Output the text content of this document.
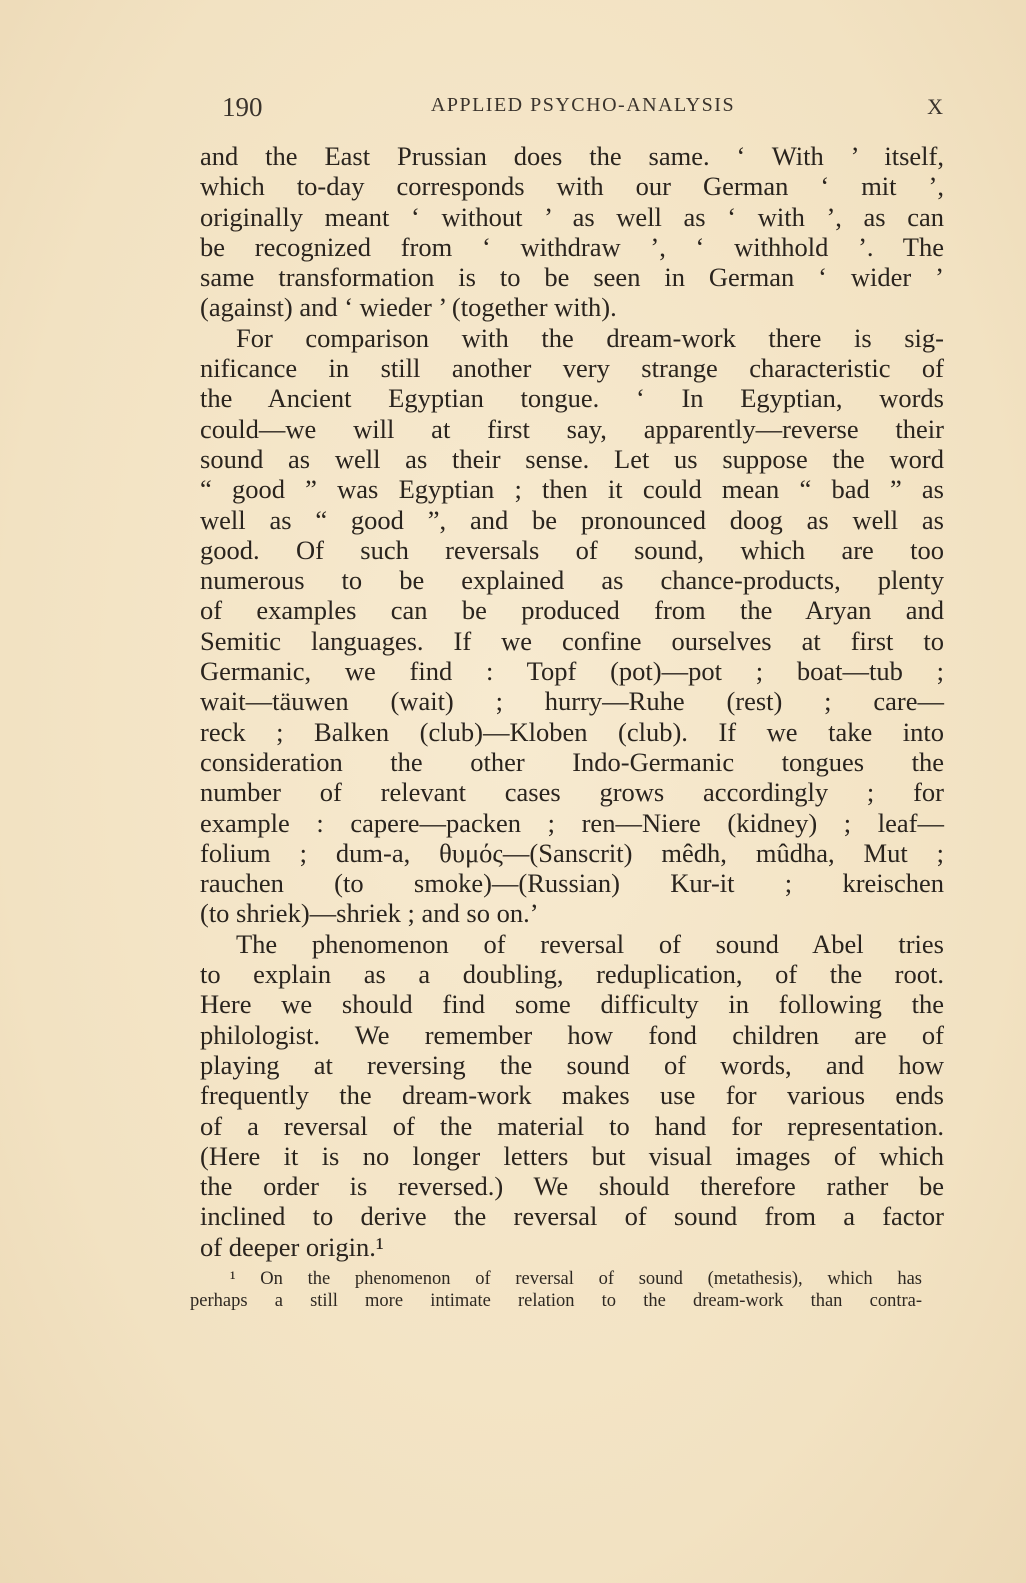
190	APPLIED PSYCHO-ANALYSIS	X
and the East Prussian does the same. ‘ With ’ itself,
which to-day corresponds with our German ‘ mit ’,
originally meant ‘ without ’ as well as ‘ with ’, as can
be recognized from ‘ withdraw ’, ‘ withhold ’. The
same transformation is to be seen in German ‘ wider ’
(against) and ‘ wieder ’ (together with).
For comparison with the dream-work there is sig-
nificance in still another very strange characteristic of
the Ancient Egyptian tongue. ‘ In Egyptian, words
could—we will at first say, apparently—reverse their
sound as well as their sense. Let us suppose the word
“ good ” was Egyptian ; then it could mean “ bad ” as
well as “ good ”, and be pronounced doog as well as
good. Of such reversals of sound, which are too
numerous to be explained as chance-products, plenty
of examples can be produced from the Aryan and
Semitic languages. If we confine ourselves at first to
Germanic, we find : Topf (pot)—pot ; boat—tub ;
wait—täuwen (wait) ; hurry—Ruhe (rest) ; care—
reck ; Balken (club)—Kloben (club). If we take into
consideration the other Indo-Germanic tongues the
number of relevant cases grows accordingly ; for
example : capere—packen ; ren—Niere (kidney) ; leaf—
folium ; dum-a, θυμός—(Sanscrit) mêdh, mûdha, Mut ;
rauchen (to smoke)—(Russian) Kur-it ; kreischen
(to shriek)—shriek ; and so on.’
The phenomenon of reversal of sound Abel tries
to explain as a doubling, reduplication, of the root.
Here we should find some difficulty in following the
philologist. We remember how fond children are of
playing at reversing the sound of words, and how
frequently the dream-work makes use for various ends
of a reversal of the material to hand for representation.
(Here it is no longer letters but visual images of which
the order is reversed.) We should therefore rather be
inclined to derive the reversal of sound from a factor
of deeper origin.¹
¹ On the phenomenon of reversal of sound (metathesis), which has
perhaps a still more intimate relation to the dream-work than contra-
